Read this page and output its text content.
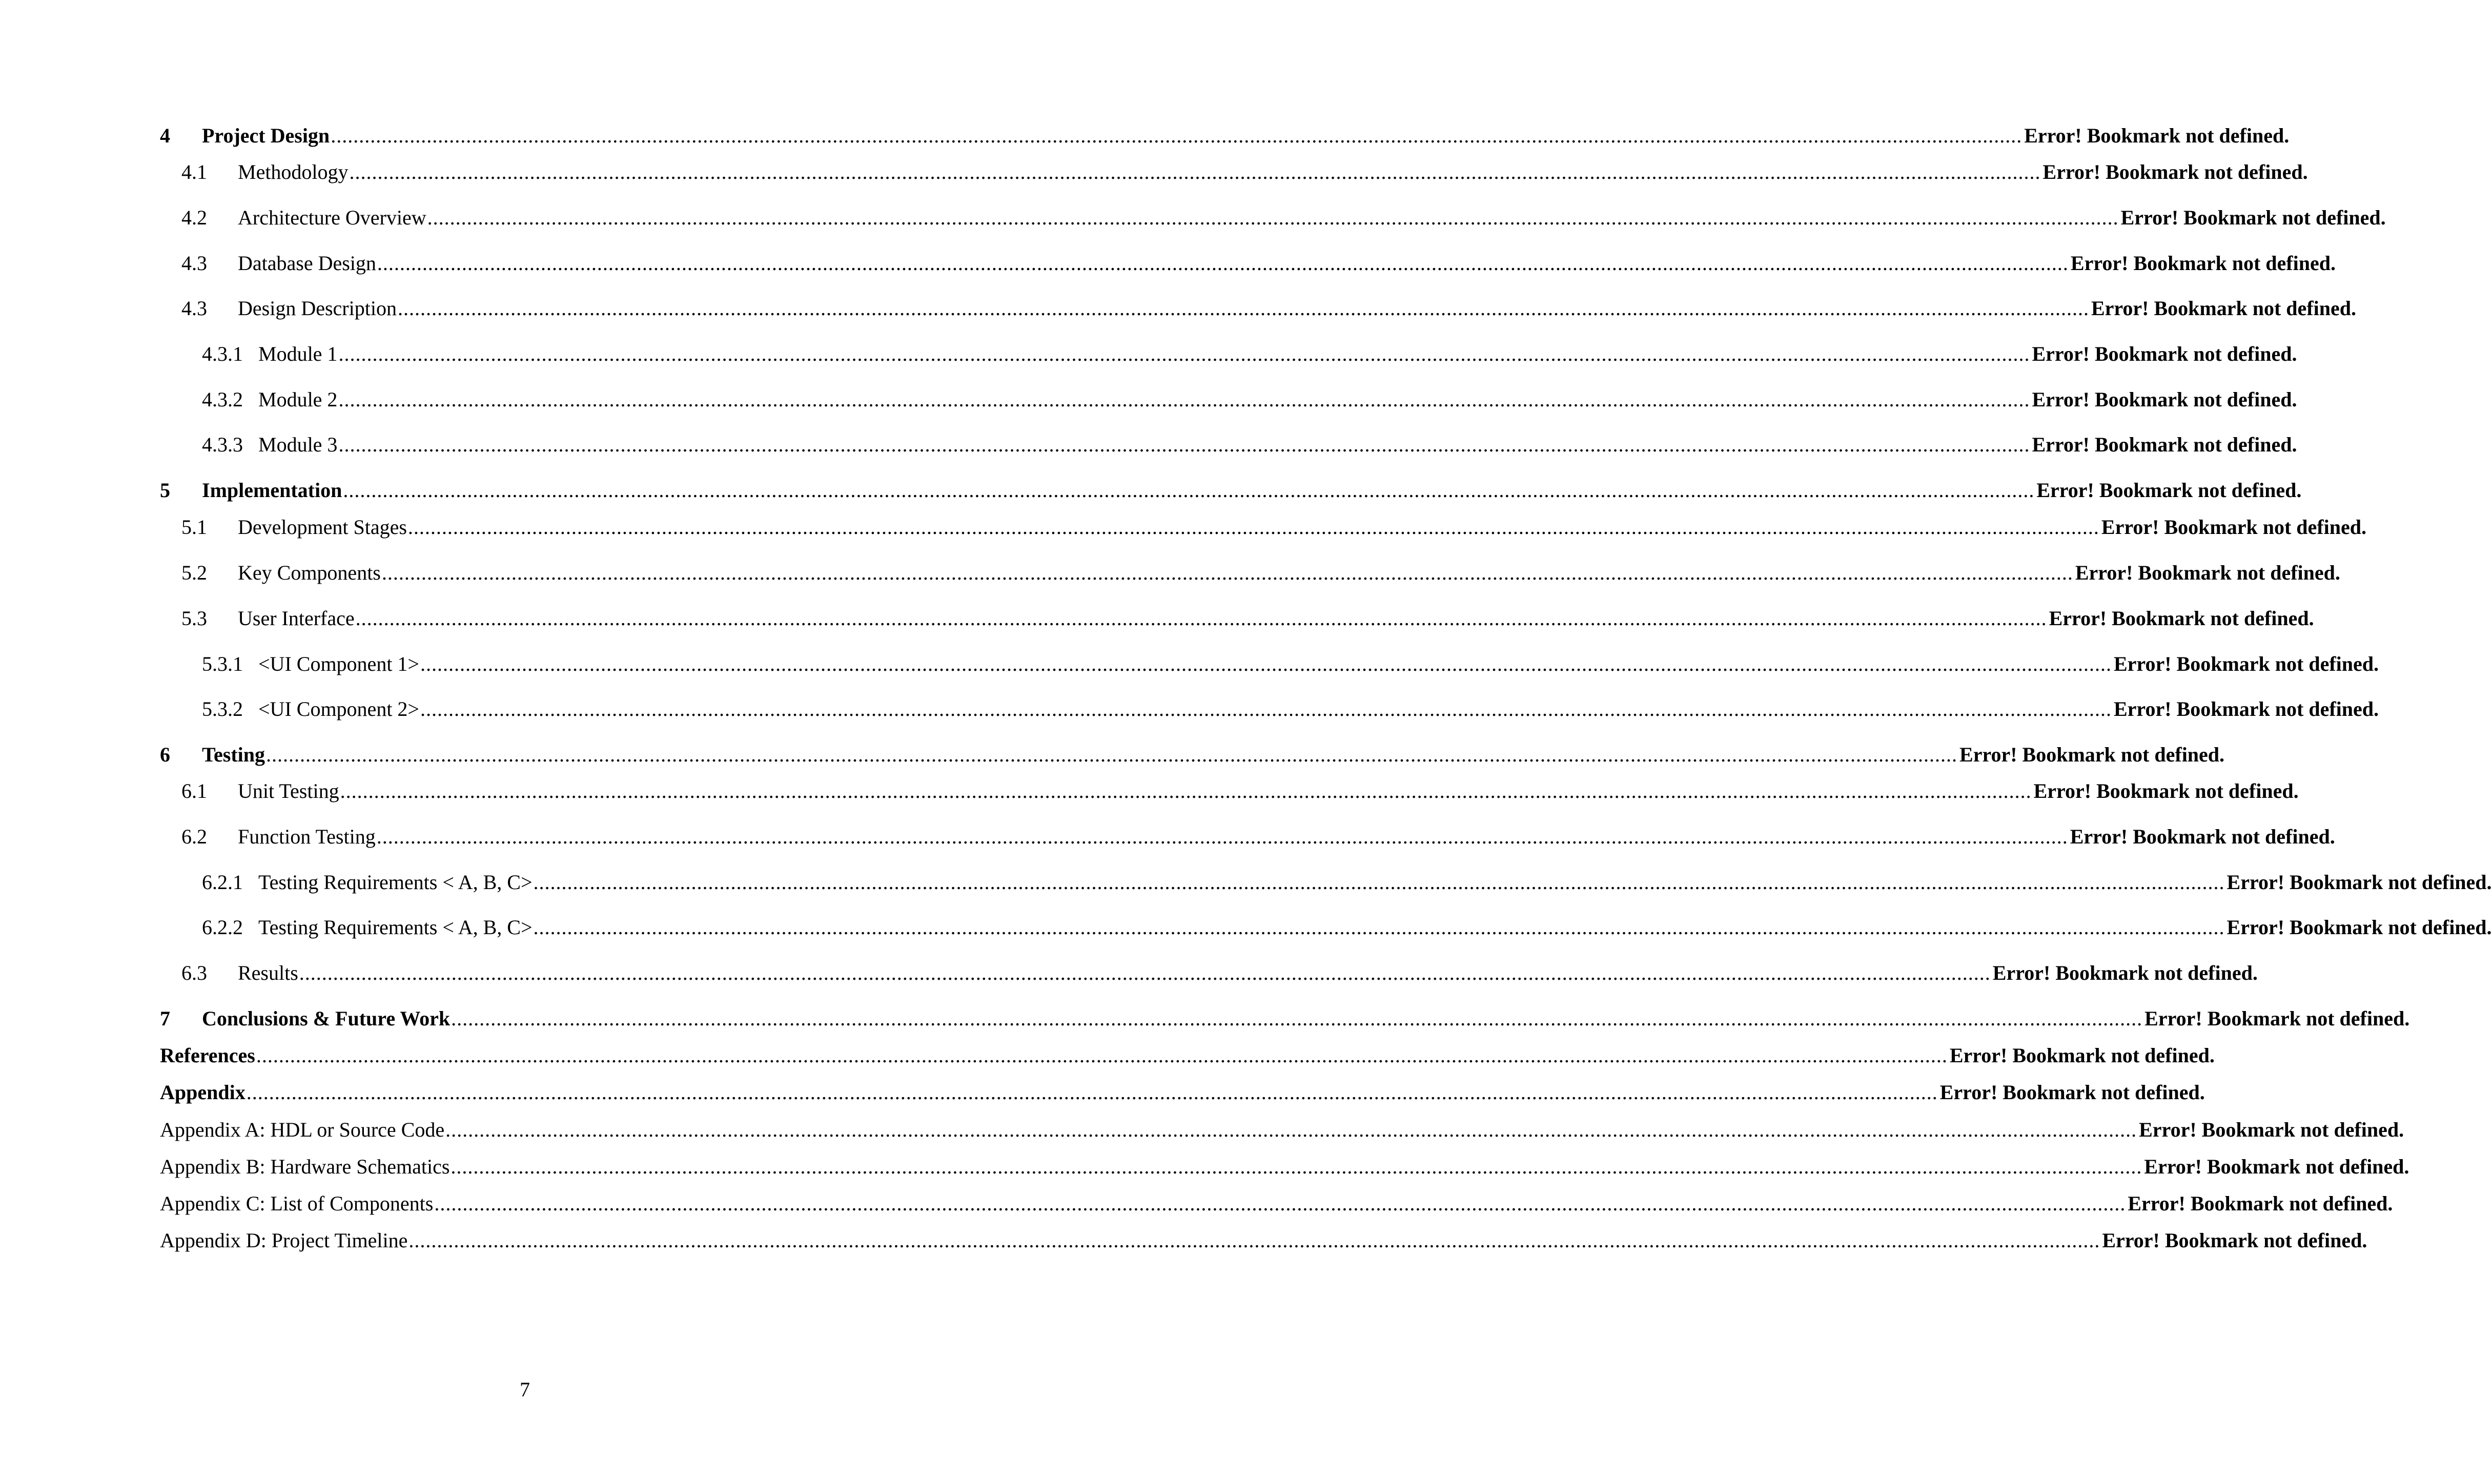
4	Project Design ............................................................................................................................................................................................................................................................................................................ Error! Bookmark not defined.
4.1	Methodology ............................................................................................................................................................................................................................................................................................................ Error! Bookmark not defined.
4.2	Architecture Overview ............................................................................................................................................................................................................................................................................................................ Error! Bookmark not defined.
4.3	Database Design ............................................................................................................................................................................................................................................................................................................ Error! Bookmark not defined.
4.3	Design Description ............................................................................................................................................................................................................................................................................................................ Error! Bookmark not defined.
4.3.1 Module 1 ............................................................................................................................................................................................................................................................................................................ Error! Bookmark not defined.
4.3.2 Module 2 ............................................................................................................................................................................................................................................................................................................ Error! Bookmark not defined.
4.3.3 Module 3 ............................................................................................................................................................................................................................................................................................................ Error! Bookmark not defined.
5	Implementation ............................................................................................................................................................................................................................................................................................................ Error! Bookmark not defined.
5.1	Development Stages ............................................................................................................................................................................................................................................................................................................ Error! Bookmark not defined.
5.2	Key Components ............................................................................................................................................................................................................................................................................................................ Error! Bookmark not defined.
5.3	User Interface ............................................................................................................................................................................................................................................................................................................ Error! Bookmark not defined.
5.3.1 <UI Component 1> ............................................................................................................................................................................................................................................................................................................ Error! Bookmark not defined.
5.3.2 <UI Component 2> ............................................................................................................................................................................................................................................................................................................ Error! Bookmark not defined.
6	Testing ............................................................................................................................................................................................................................................................................................................ Error! Bookmark not defined.
6.1	Unit Testing ............................................................................................................................................................................................................................................................................................................ Error! Bookmark not defined.
6.2	Function Testing ............................................................................................................................................................................................................................................................................................................ Error! Bookmark not defined.
6.2.1 Testing Requirements < A, B, C> ............................................................................................................................................................................................................................................................................................................ Error! Bookmark not defined.
6.2.2 Testing Requirements < A, B, C> ............................................................................................................................................................................................................................................................................................................ Error! Bookmark not defined.
6.3	Results ............................................................................................................................................................................................................................................................................................................ Error! Bookmark not defined.
7	Conclusions & Future Work ............................................................................................................................................................................................................................................................................................................ Error! Bookmark not defined.
References ............................................................................................................................................................................................................................................................................................................ Error! Bookmark not defined.
Appendix ............................................................................................................................................................................................................................................................................................................ Error! Bookmark not defined.
Appendix A: HDL or Source Code ............................................................................................................................................................................................................................................................................................................ Error! Bookmark not defined.
Appendix B: Hardware Schematics ............................................................................................................................................................................................................................................................................................................ Error! Bookmark not defined.
Appendix C: List of Components ............................................................................................................................................................................................................................................................................................................ Error! Bookmark not defined.
Appendix D: Project Timeline ............................................................................................................................................................................................................................................................................................................ Error! Bookmark not defined.
7
